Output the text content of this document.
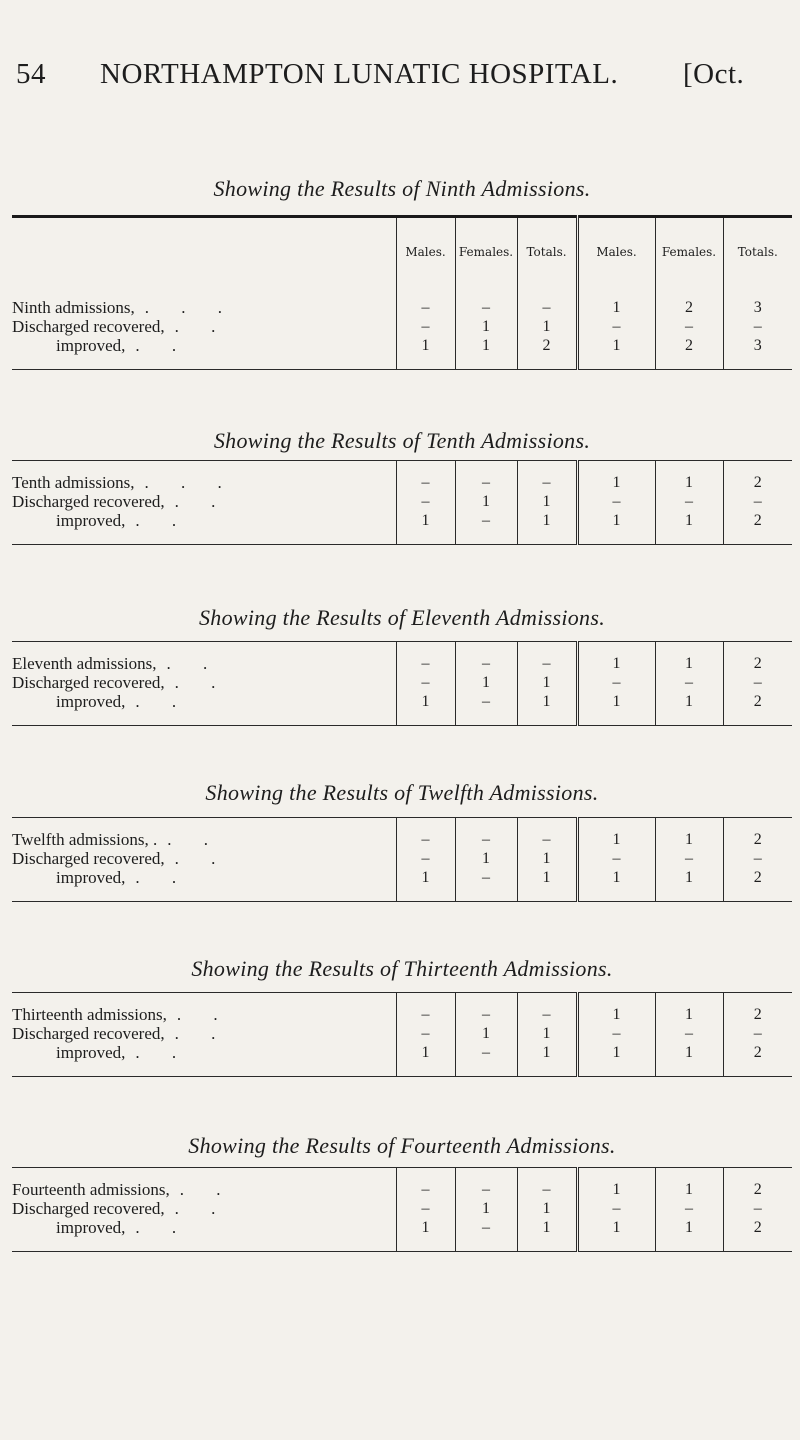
54 NORTHAMPTON LUNATIC HOSPITAL. [Oct.
Showing the Results of Ninth Admissions.
	Males.	Females.	Totals.	Males.	Females.	Totals.

Ninth admissions, . . .	–	–	–	1	2	3
Discharged recovered, . .	–	1	1	–	–	–
improved, . .	1	1	2	1	2	3

Showing the Results of Tenth Admissions.

Tenth admissions, . . .	–	–	–	1	1	2
Discharged recovered, . .	–	1	1	–	–	–
improved, . .	1	–	1	1	1	2

Showing the Results of Eleventh Admissions.

Eleventh admissions, . .	–	–	–	1	1	2
Discharged recovered, . .	–	1	1	–	–	–
improved, . .	1	–	1	1	1	2

Showing the Results of Twelfth Admissions.

Twelfth admissions, . . .	–	–	–	1	1	2
Discharged recovered, . .	–	1	1	–	–	–
improved, . .	1	–	1	1	1	2

Showing the Results of Thirteenth Admissions.

Thirteenth admissions, . .	–	–	–	1	1	2
Discharged recovered, . .	–	1	1	–	–	–
improved, . .	1	–	1	1	1	2

Showing the Results of Fourteenth Admissions.

Fourteenth admissions, . .	–	–	–	1	1	2
Discharged recovered, . .	–	1	1	–	–	–
improved, . .	1	–	1	1	1	2
